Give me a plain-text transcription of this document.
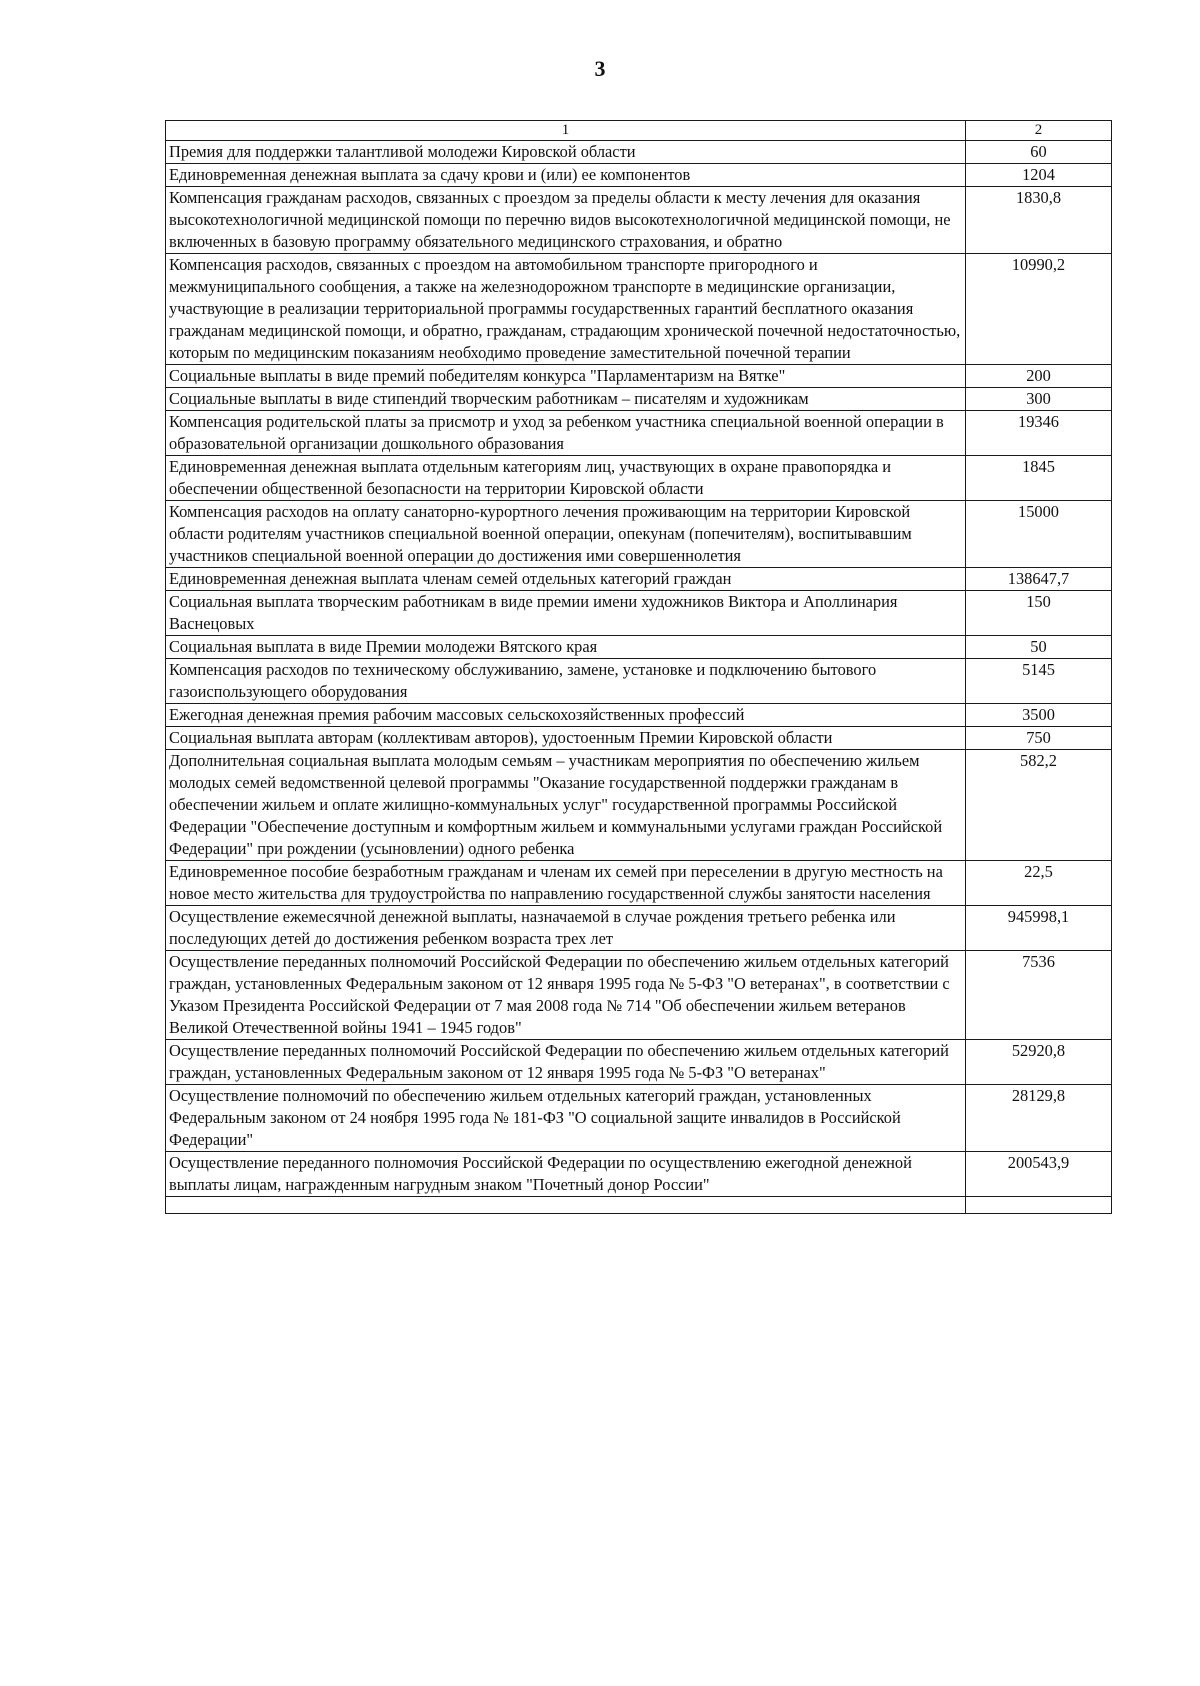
3
1	2
Премия для поддержки талантливой молодежи Кировской области	60
Единовременная денежная выплата за сдачу крови и (или) ее компонентов	1204
Компенсация гражданам расходов, связанных с проездом за пределы области к месту лечения для оказания высокотехнологичной медицинской помощи по перечню видов высокотехнологичной медицинской помощи, не включенных в базовую программу обязательного медицинского страхования, и обратно	1830,8
Компенсация расходов, связанных с проездом на автомобильном транспорте пригородного и межмуниципального сообщения, а также на железнодорожном транспорте в медицинские организации, участвующие в реализации территориальной программы государственных гарантий бесплатного оказания гражданам медицинской помощи, и обратно, гражданам, страдающим хронической почечной недостаточностью, которым по медицинским показаниям необходимо проведение заместительной почечной терапии	10990,2
Социальные выплаты в виде премий победителям конкурса "Парламентаризм на Вятке"	200
Социальные выплаты в виде стипендий творческим работникам – писателям и художникам	300
Компенсация родительской платы за присмотр и уход за ребенком участника специальной военной операции в образовательной организации дошкольного образования	19346
Единовременная денежная выплата отдельным категориям лиц, участвующих в охране правопорядка и обеспечении общественной безопасности на территории Кировской области	1845
Компенсация расходов на оплату санаторно-курортного лечения проживающим на территории Кировской области родителям участников специальной военной операции, опекунам (попечителям), воспитывавшим участников специальной военной операции до достижения ими совершеннолетия	15000
Единовременная денежная выплата членам семей отдельных категорий граждан	138647,7
Социальная выплата творческим работникам в виде премии имени художников Виктора и Аполлинария Васнецовых	150
Социальная выплата в виде Премии молодежи Вятского края	50
Компенсация расходов по техническому обслуживанию, замене, установке и подключению бытового газоиспользующего оборудования	5145
Ежегодная денежная премия рабочим массовых сельскохозяйственных профессий	3500
Социальная выплата авторам (коллективам авторов), удостоенным Премии Кировской области	750
Дополнительная социальная выплата молодым семьям – участникам мероприятия по обеспечению жильем молодых семей ведомственной целевой программы "Оказание государственной поддержки гражданам в обеспечении жильем и оплате жилищно-коммунальных услуг" государственной программы Российской Федерации "Обеспечение доступным и комфортным жильем и коммунальными услугами граждан Российской Федерации" при рождении (усыновлении) одного ребенка	582,2
Единовременное пособие безработным гражданам и членам их семей при переселении в другую местность на новое место жительства для трудоустройства по направлению государственной службы занятости населения	22,5
Осуществление ежемесячной денежной выплаты, назначаемой в случае рождения третьего ребенка или последующих детей до достижения ребенком возраста трех лет	945998,1
Осуществление переданных полномочий Российской Федерации по обеспечению жильем отдельных категорий граждан, установленных Федеральным законом от 12 января 1995 года № 5-ФЗ "О ветеранах", в соответствии с Указом Президента Российской Федерации от 7 мая 2008 года № 714 "Об обеспечении жильем ветеранов Великой Отечественной войны 1941 – 1945 годов"	7536
Осуществление переданных полномочий Российской Федерации по обеспечению жильем отдельных категорий граждан, установленных Федеральным законом от 12 января 1995 года № 5-ФЗ "О ветеранах"	52920,8
Осуществление полномочий по обеспечению жильем отдельных категорий граждан, установленных Федеральным законом от 24 ноября 1995 года № 181-ФЗ "О социальной защите инвалидов в Российской Федерации"	28129,8
Осуществление переданного полномочия Российской Федерации по осуществлению ежегодной денежной выплаты лицам, награжденным нагрудным знаком "Почетный донор России"	200543,9
